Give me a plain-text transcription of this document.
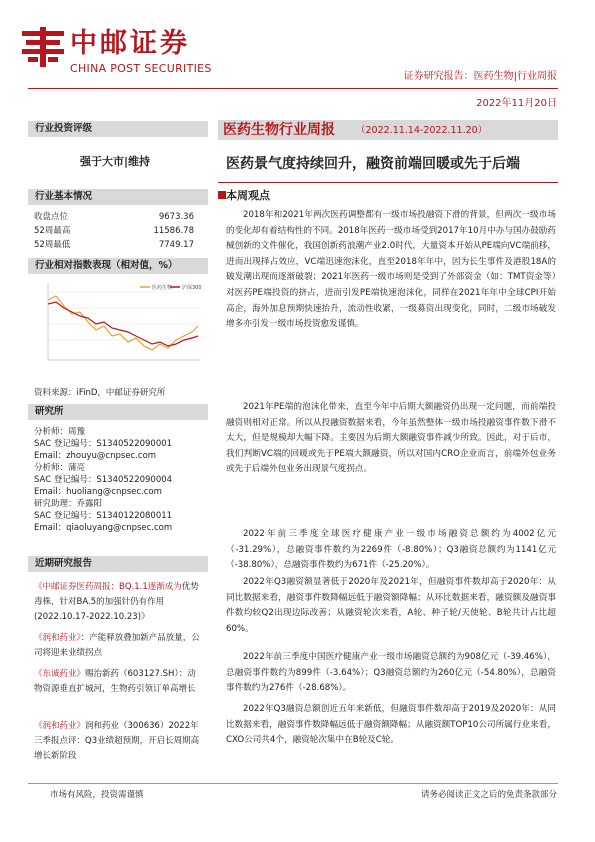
中邮证券
CHINA POST SECURITIES
证券研究报告：医药生物|行业周报
2022年11月20日
行业投资评级
强于大市|维持
行业基本情况
收盘点位	9673.36
52周最高	11586.78
52周最低	7749.17
行业相对指数表现（相对值，%）
医药生物 沪深300
资料来源：iFinD，中邮证券研究所
研究所
分析师：周豫
SAC 登记编号：S1340522090001
Email：zhouyu@cnpsec.com
分析师：蒲亮
SAC 登记编号：S1340522090004
Email：huoliang@cnpsec.com
研究助理：乔露阳
SAC 登记编号：S1340122080011
Email：qiaoluyang@cnpsec.com
近期研究报告
《中邮证券医药周报：BQ.1.1逐渐成为优势毒株，针对BA.5的加强针仍有作用(2022.10.17-2022.10.23)》
《润和药业》：产能释放叠加新产品放量，公司将迎来业绩拐点
《东诚药业》赐治新药（603127.SH）：动物资源垂直扩城河，生物药引领订单高增长
《润和药业》润和药业（300636）2022年三季报点评：Q3业绩超预期，开启长周期高增长新阶段
医药生物行业周报 （2022.11.14-2022.11.20）
医药景气度持续回升，融资前端回暖或先于后端
本周观点
2018年和2021年两次医药调整都有一级市场投融资下滑的背景，但两次一级市场的变化却有着结构性的不同。2018年医药一级市场受到2017年10月中办与国办鼓励药械创新的文件催化，我国创新药浪潮产业2.0时代，大量资本开始从PE端向VC端前移，进而出现择占效应，VC端迅速泡沫化，直至2018年年中，因为长生事件及港股18A的破发潮出现而逐渐破裂；2021年医药一级市场则是受到了外部资金（如：TMT资金等）对医药PE端投资的挤占，进而引发PE端快速泡沫化，同样在2021年年中全球CPI开始高企，海外加息预期快速抬升，流动性收紧，一级募资出现变化，同时，二级市场破发增多亦引发一级市场投资愈发谨慎。
2021年PE端的泡沫化带来，直至今年中后期大额融资仍出现一定问题，而前端投融资则相对正常。所以从投融资数据来看，今年虽然整体一级市场投融资事件数下滑不太大，但是规模却大幅下降。主要因为后期大额融资事件减少所致。因此，对于后市，我们判断VC端的回暖或先于PE端大额融资，所以对国内CRO企业而言，前端外包业务或先于后端外包业务出现景气度拐点。
2022年前三季度全球医疗健康产业一级市场融资总额约为4002亿元（-31.29%），总融资事件数约为2269件（-8.80%）；Q3融资总额约为1141亿元（-38.80%），总融资事件数约为671件（-25.20%）。
2022年Q3融资额显著低于2020年及2021年，但融资事件数却高于2020年：从同比数据来看，融资事件数降幅远低于融资额降幅；从环比数据来看，融资额及融资事件数均较Q2出现边际改善；从融资轮次来看，A轮、种子轮/天使轮、B轮共计占比超60%。
2022年前三季度中国医疗健康产业一级市场融资总额约为908亿元（-39.46%），总融资事件数约为899件（-3.64%）；Q3融资总额约为260亿元（-54.80%），总融资事件数约为276件（-28.68%）。
2022年Q3融资总额创近五年来新低，但融资事件数却高于2019及2020年：从同比数据来看，融资事件数降幅远低于融资额降幅；从融资额TOP10公司所属行业来看，CXO公司共4个，融资轮次集中在B轮及C轮。
市场有风险，投资需谨慎	请务必阅读正文之后的免责条款部分
